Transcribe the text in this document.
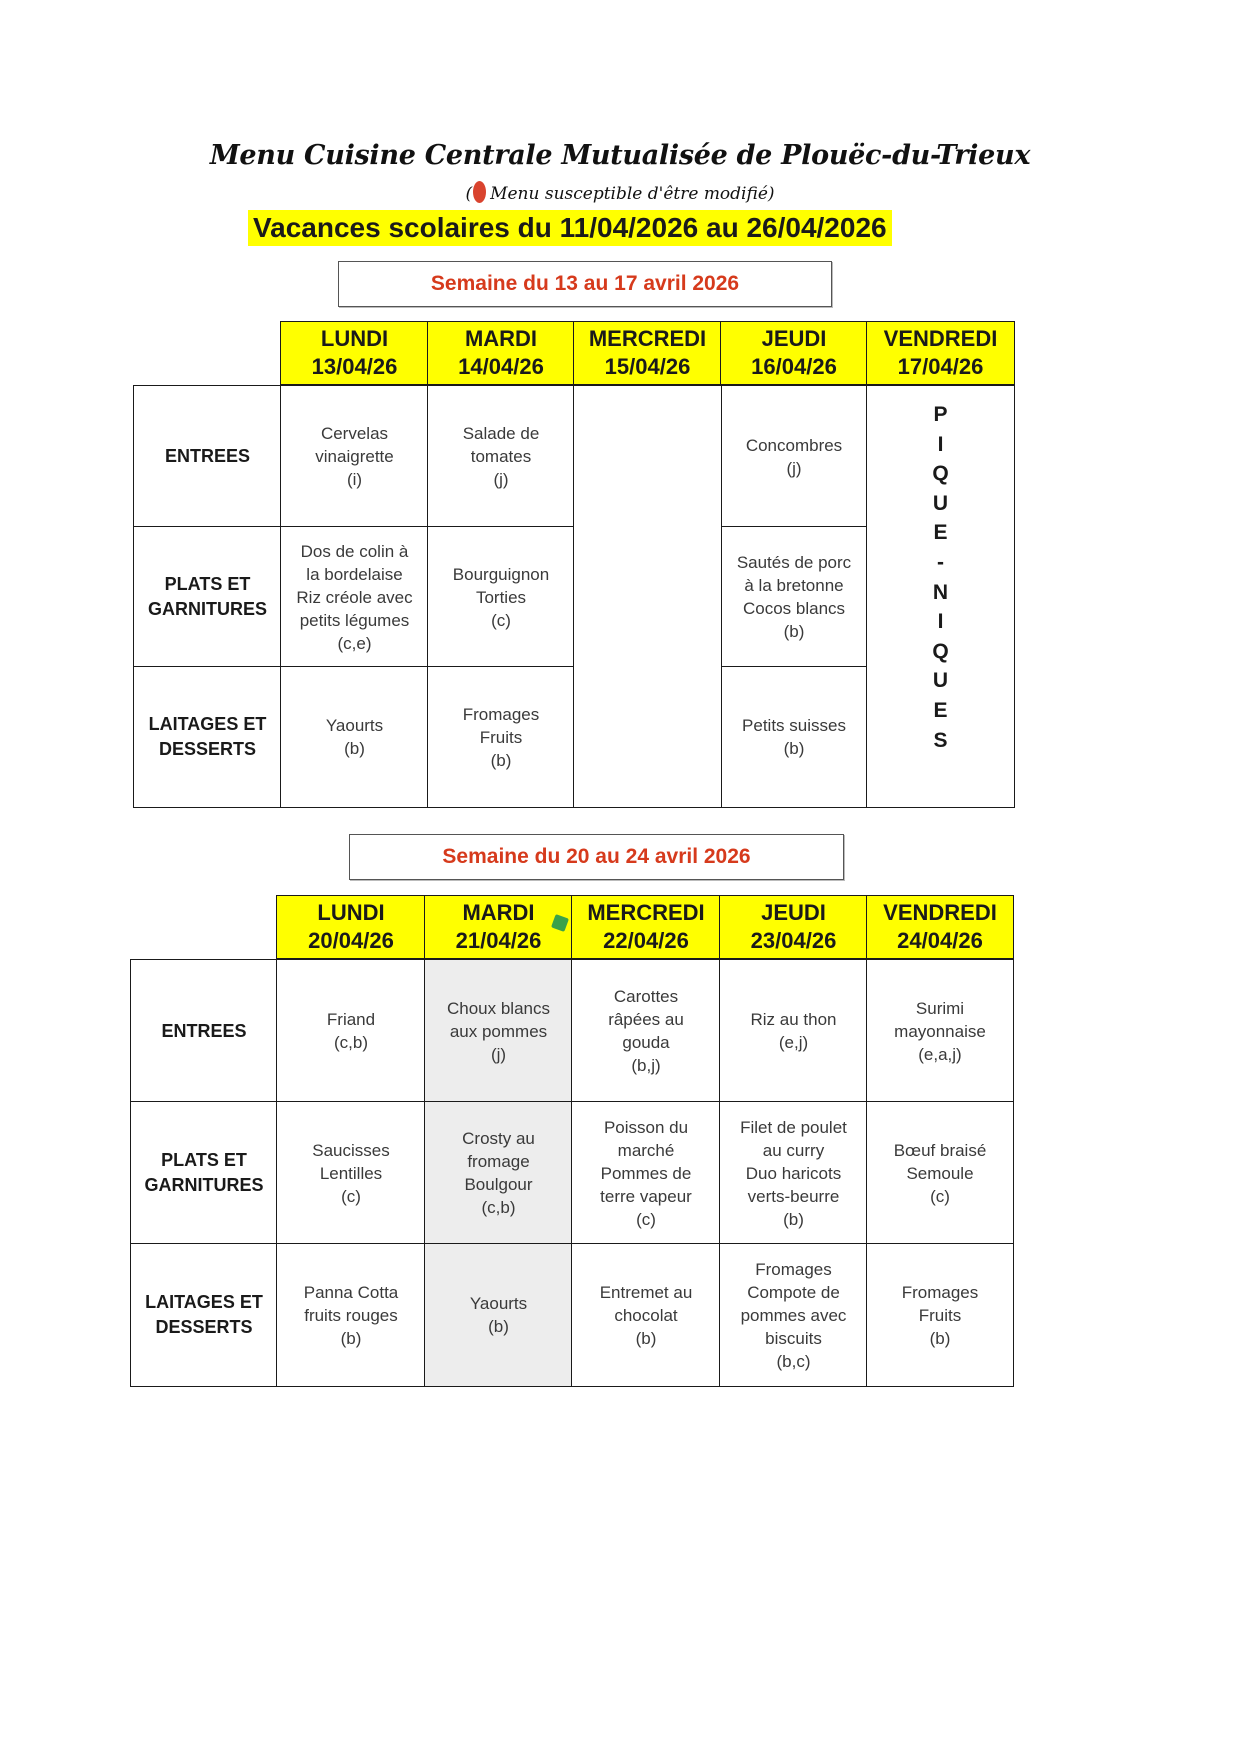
Menu Cuisine Centrale Mutualisée de Plouëc-du-Trieux
( Menu susceptible d'être modifié)
Vacances scolaires du 11/04/2026 au 26/04/2026
Semaine du 13 au 17 avril 2026
LUNDI
13/04/26
MARDI
14/04/26
MERCREDI
15/04/26
JEUDI
16/04/26
VENDREDI
17/04/26
ENTREES
Cervelas
vinaigrette
(i)
Salade de
tomates
(j)
Concombres
(j)
PLATS ET
GARNITURES
Dos de colin à
la bordelaise
Riz créole avec
petits légumes
(c,e)
Bourguignon
Torties
(c)
Sautés de porc
à la bretonne
Cocos blancs
(b)
LAITAGES ET
DESSERTS
Yaourts
(b)
Fromages
Fruits
(b)
Petits suisses
(b)
P
I
Q
U
E
-
N
I
Q
U
E
S
Semaine du 20 au 24 avril 2026
LUNDI
20/04/26
MARDI
21/04/26
MERCREDI
22/04/26
JEUDI
23/04/26
VENDREDI
24/04/26
ENTREES
Friand
(c,b)
Choux blancs
aux pommes
(j)
Carottes
râpées au
gouda
(b,j)
Riz au thon
(e,j)
Surimi
mayonnaise
(e,a,j)
PLATS ET
GARNITURES
Saucisses
Lentilles
(c)
Crosty au
fromage
Boulgour
(c,b)
Poisson du
marché
Pommes de
terre vapeur
(c)
Filet de poulet
au curry
Duo haricots
verts-beurre
(b)
Bœuf braisé
Semoule
(c)
LAITAGES ET
DESSERTS
Panna Cotta
fruits rouges
(b)
Yaourts
(b)
Entremet au
chocolat
(b)
Fromages
Compote de
pommes avec
biscuits
(b,c)
Fromages
Fruits
(b)
